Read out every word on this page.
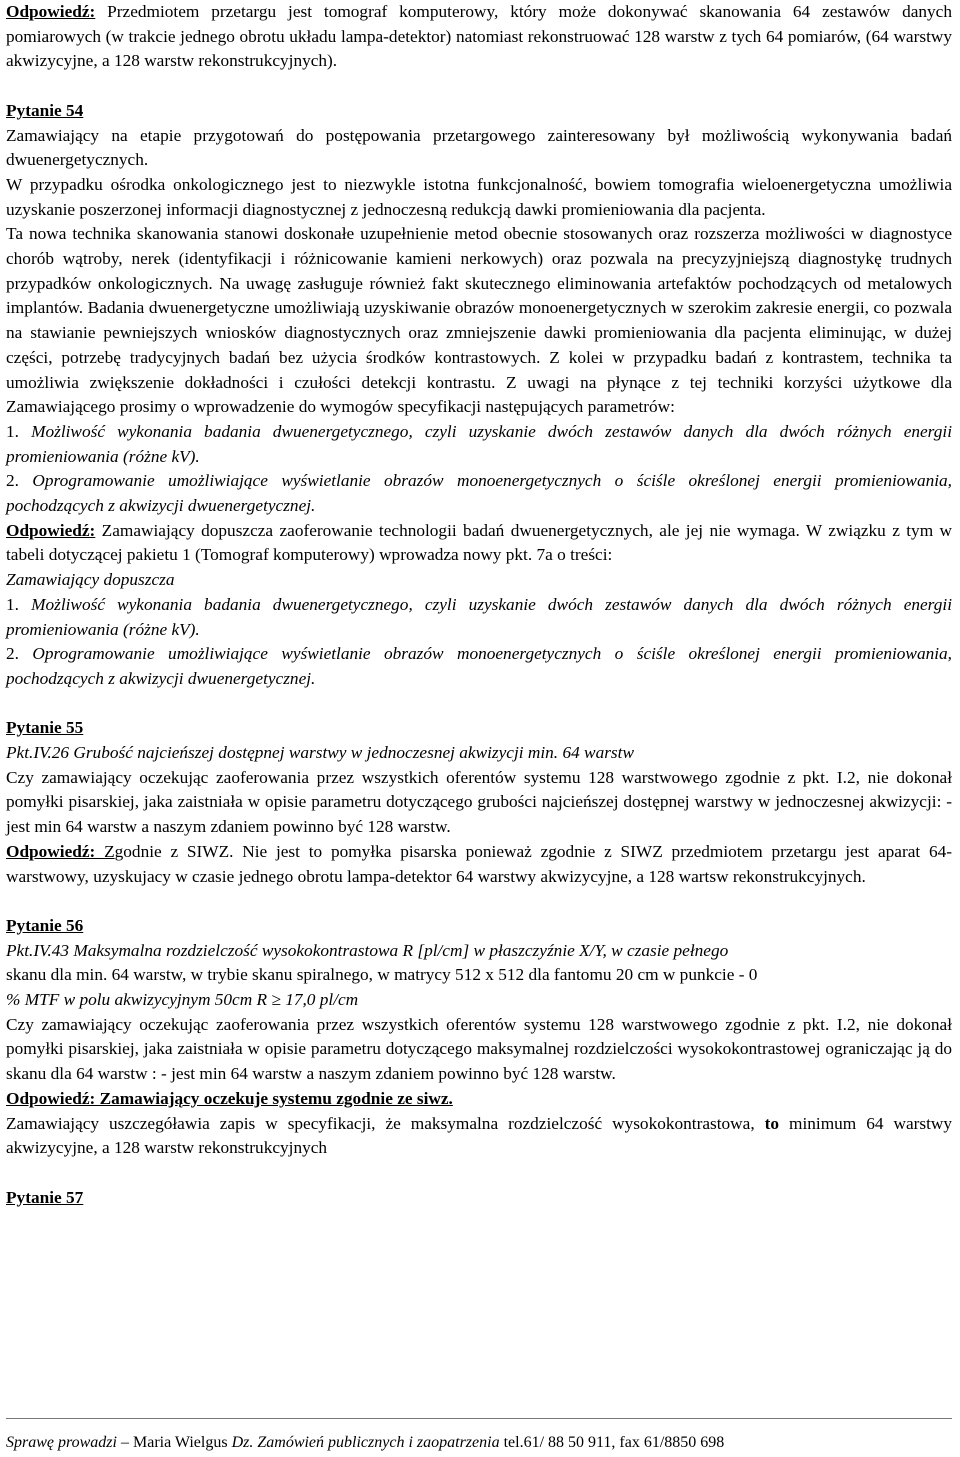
Odpowiedź: Przedmiotem przetargu jest tomograf komputerowy, który może dokonywać skanowania 64 zestawów danych pomiarowych (w trakcie jednego obrotu układu lampa-detektor) natomiast rekonstruować 128 warstw z tych 64 pomiarów, (64 warstwy akwizycyjne, a 128 warstw rekonstrukcyjnych).

Pytanie 54

Zamawiający na etapie przygotowań do postępowania przetargowego zainteresowany był możliwością wykonywania badań dwuenergetycznych.

W przypadku ośrodka onkologicznego jest to niezwykle istotna funkcjonalność, bowiem tomografia wieloenergetyczna umożliwia uzyskanie poszerzonej informacji diagnostycznej z jednoczesną redukcją dawki promieniowania dla pacjenta.

Ta nowa technika skanowania stanowi doskonałe uzupełnienie metod obecnie stosowanych oraz rozszerza możliwości w diagnostyce chorób wątroby, nerek (identyfikacji i różnicowanie kamieni nerkowych) oraz pozwala na precyzyjniejszą diagnostykę trudnych przypadków onkologicznych. Na uwagę zasługuje również fakt skutecznego eliminowania artefaktów pochodzących od metalowych implantów. Badania dwuenergetyczne umożliwiają uzyskiwanie obrazów monoenergetycznych w szerokim zakresie energii, co pozwala na stawianie pewniejszych wniosków diagnostycznych oraz zmniejszenie dawki promieniowania dla pacjenta eliminując, w dużej części, potrzebę tradycyjnych badań bez użycia środków kontrastowych. Z kolei w przypadku badań z kontrastem, technika ta umożliwia zwiększenie dokładności i czułości detekcji kontrastu. Z uwagi na płynące z tej techniki korzyści użytkowe dla Zamawiającego prosimy o wprowadzenie do wymogów specyfikacji następujących parametrów:

1. Możliwość wykonania badania dwuenergetycznego, czyli uzyskanie dwóch zestawów danych dla dwóch różnych energii promieniowania (różne kV).

2. Oprogramowanie umożliwiające wyświetlanie obrazów monoenergetycznych o ściśle określonej energii promieniowania, pochodzących z akwizycji dwuenergetycznej.

Odpowiedź: Zamawiający dopuszcza zaoferowanie technologii badań dwuenergetycznych, ale jej nie wymaga. W związku z tym w tabeli dotyczącej pakietu 1 (Tomograf komputerowy) wprowadza nowy pkt. 7a o treści:

Zamawiający dopuszcza

1. Możliwość wykonania badania dwuenergetycznego, czyli uzyskanie dwóch zestawów danych dla dwóch różnych energii promieniowania (różne kV).

2. Oprogramowanie umożliwiające wyświetlanie obrazów monoenergetycznych o ściśle określonej energii promieniowania, pochodzących z akwizycji dwuenergetycznej.

Pytanie 55

Pkt.IV.26 Grubość najcieńszej dostępnej warstwy w jednoczesnej akwizycji min. 64 warstw

Czy zamawiający oczekując zaoferowania przez wszystkich oferentów systemu 128 warstwowego zgodnie z pkt. I.2, nie dokonał pomyłki pisarskiej, jaka zaistniała w opisie parametru dotyczącego grubości najcieńszej dostępnej warstwy w jednoczesnej akwizycji: - jest min 64 warstw a naszym zdaniem powinno być 128 warstw.

Odpowiedź: Zgodnie z SIWZ. Nie jest to pomyłka pisarska ponieważ zgodnie z SIWZ przedmiotem przetargu jest aparat 64-warstwowy, uzyskujacy w czasie jednego obrotu lampa-detektor 64 warstwy akwizycyjne, a 128 wartsw rekonstrukcyjnych.

Pytanie 56

Pkt.IV.43 Maksymalna rozdzielczość wysokokontrastowa R [pl/cm] w płaszczyźnie X/Y, w czasie pełnego

skanu dla min. 64 warstw, w trybie skanu spiralnego, w matrycy 512 x 512 dla fantomu 20 cm w punkcie - 0

% MTF w polu akwizycyjnym 50cm R ≥ 17,0 pl/cm

Czy zamawiający oczekując zaoferowania przez wszystkich oferentów systemu 128 warstwowego zgodnie z pkt. I.2, nie dokonał pomyłki pisarskiej, jaka zaistniała w opisie parametru dotyczącego maksymalnej rozdzielczości wysokokontrastowej ograniczając ją do skanu dla 64 warstw : - jest min 64 warstw a naszym zdaniem powinno być 128 warstw.

Odpowiedź: Zamawiający oczekuje systemu zgodnie ze siwz.

Zamawiający uszczegóławia zapis w specyfikacji, że maksymalna rozdzielczość wysokokontrastowa, to minimum 64 warstwy akwizycyjne, a 128 warstw rekonstrukcyjnych

Pytanie 57

Sprawę prowadzi – Maria Wielgus Dz. Zamówień publicznych i zaopatrzenia tel.61/ 88 50 911, fax 61/8850 698
